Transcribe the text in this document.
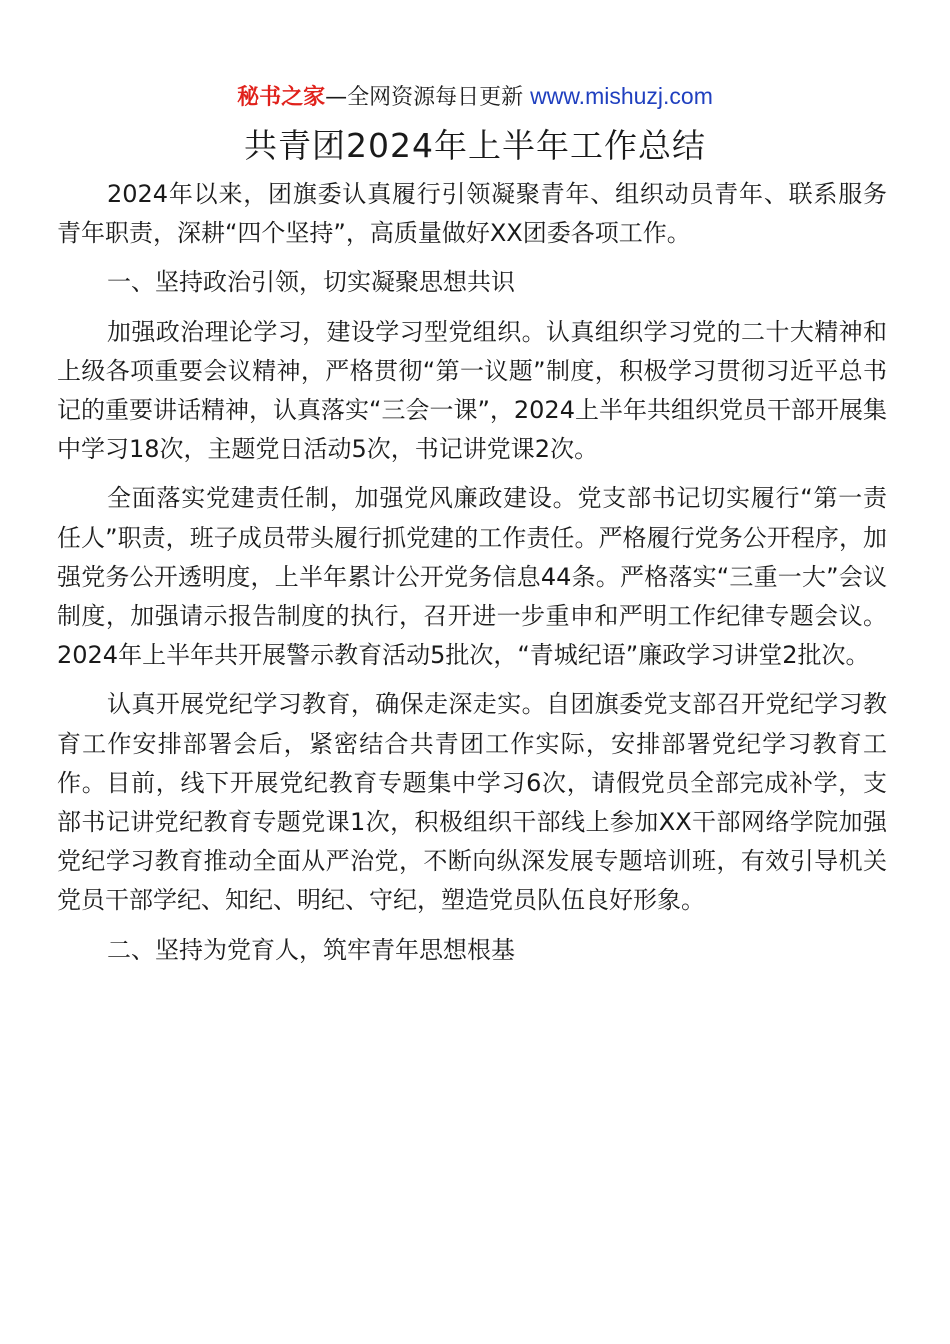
秘书之家—全网资源每日更新 www.mishuzj.com
共青团2024年上半年工作总结

2024年以来，团旗委认真履行引领凝聚青年、组织动员青年、联系服务青年职责，深耕“四个坚持”，高质量做好XX团委各项工作。

一、坚持政治引领，切实凝聚思想共识

加强政治理论学习，建设学习型党组织。认真组织学习党的二十大精神和上级各项重要会议精神，严格贯彻“第一议题”制度，积极学习贯彻习近平总书记的重要讲话精神，认真落实“三会一课”，2024上半年共组织党员干部开展集中学习18次，主题党日活动5次，书记讲党课2次。

全面落实党建责任制，加强党风廉政建设。党支部书记切实履行“第一责任人”职责，班子成员带头履行抓党建的工作责任。严格履行党务公开程序，加强党务公开透明度，上半年累计公开党务信息44条。严格落实“三重一大”会议制度，加强请示报告制度的执行，召开进一步重申和严明工作纪律专题会议。2024年上半年共开展警示教育活动5批次，“青城纪语”廉政学习讲堂2批次。

认真开展党纪学习教育，确保走深走实。自团旗委党支部召开党纪学习教育工作安排部署会后，紧密结合共青团工作实际，安排部署党纪学习教育工作。目前，线下开展党纪教育专题集中学习6次，请假党员全部完成补学，支部书记讲党纪教育专题党课1次，积极组织干部线上参加XX干部网络学院加强党纪学习教育推动全面从严治党，不断向纵深发展专题培训班，有效引导机关党员干部学纪、知纪、明纪、守纪，塑造党员队伍良好形象。

二、坚持为党育人，筑牢青年思想根基
